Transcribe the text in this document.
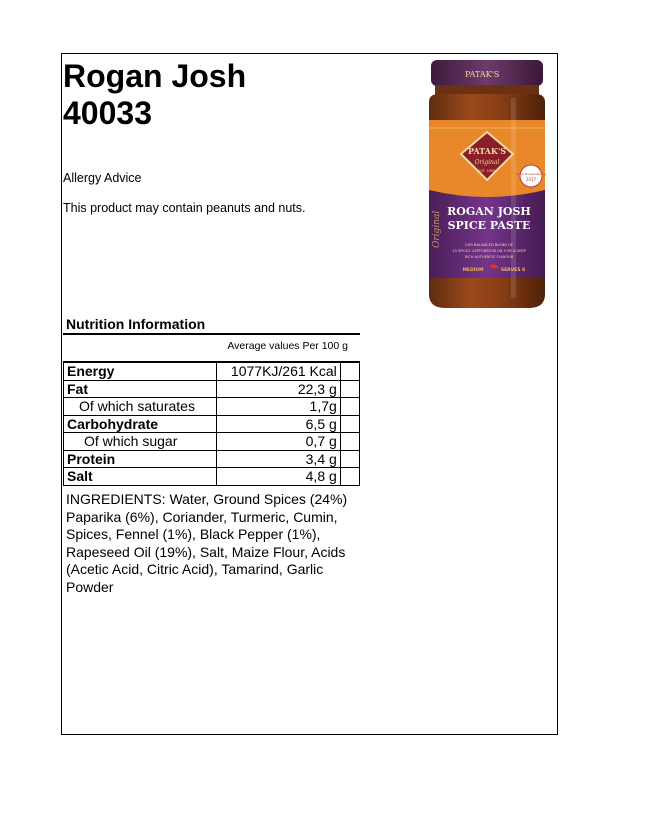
Rogan Josh
40033
Allergy Advice
This product may contain peanuts and nuts.
PATAK'S
PATAK'S
Original
EST. 1958
Good Housekeeping
2017
ROGAN JOSH
SPICE PASTE
OUR BALANCED BLEND OF
13 SPICES CAPTURED IN OIL FOR A DEEP
RICH AUTHENTIC FLAVOUR
MEDIUM	SERVES 8
Original
Nutrition Information
Average values Per 100 g
Energy	1077KJ/261 Kcal	
Fat	22,3 g	
Of which saturates	1,7g	
Carbohydrate	6,5 g	
Of which sugar	0,7 g	
Protein	3,4 g	
Salt	4,8 g	
INGREDIENTS: Water, Ground Spices (24%) Paparika (6%), Coriander, Turmeric, Cumin, Spices, Fennel (1%), Black Pepper (1%), Rapeseed Oil (19%), Salt, Maize Flour, Acids (Acetic Acid, Citric Acid), Tamarind, Garlic Powder
